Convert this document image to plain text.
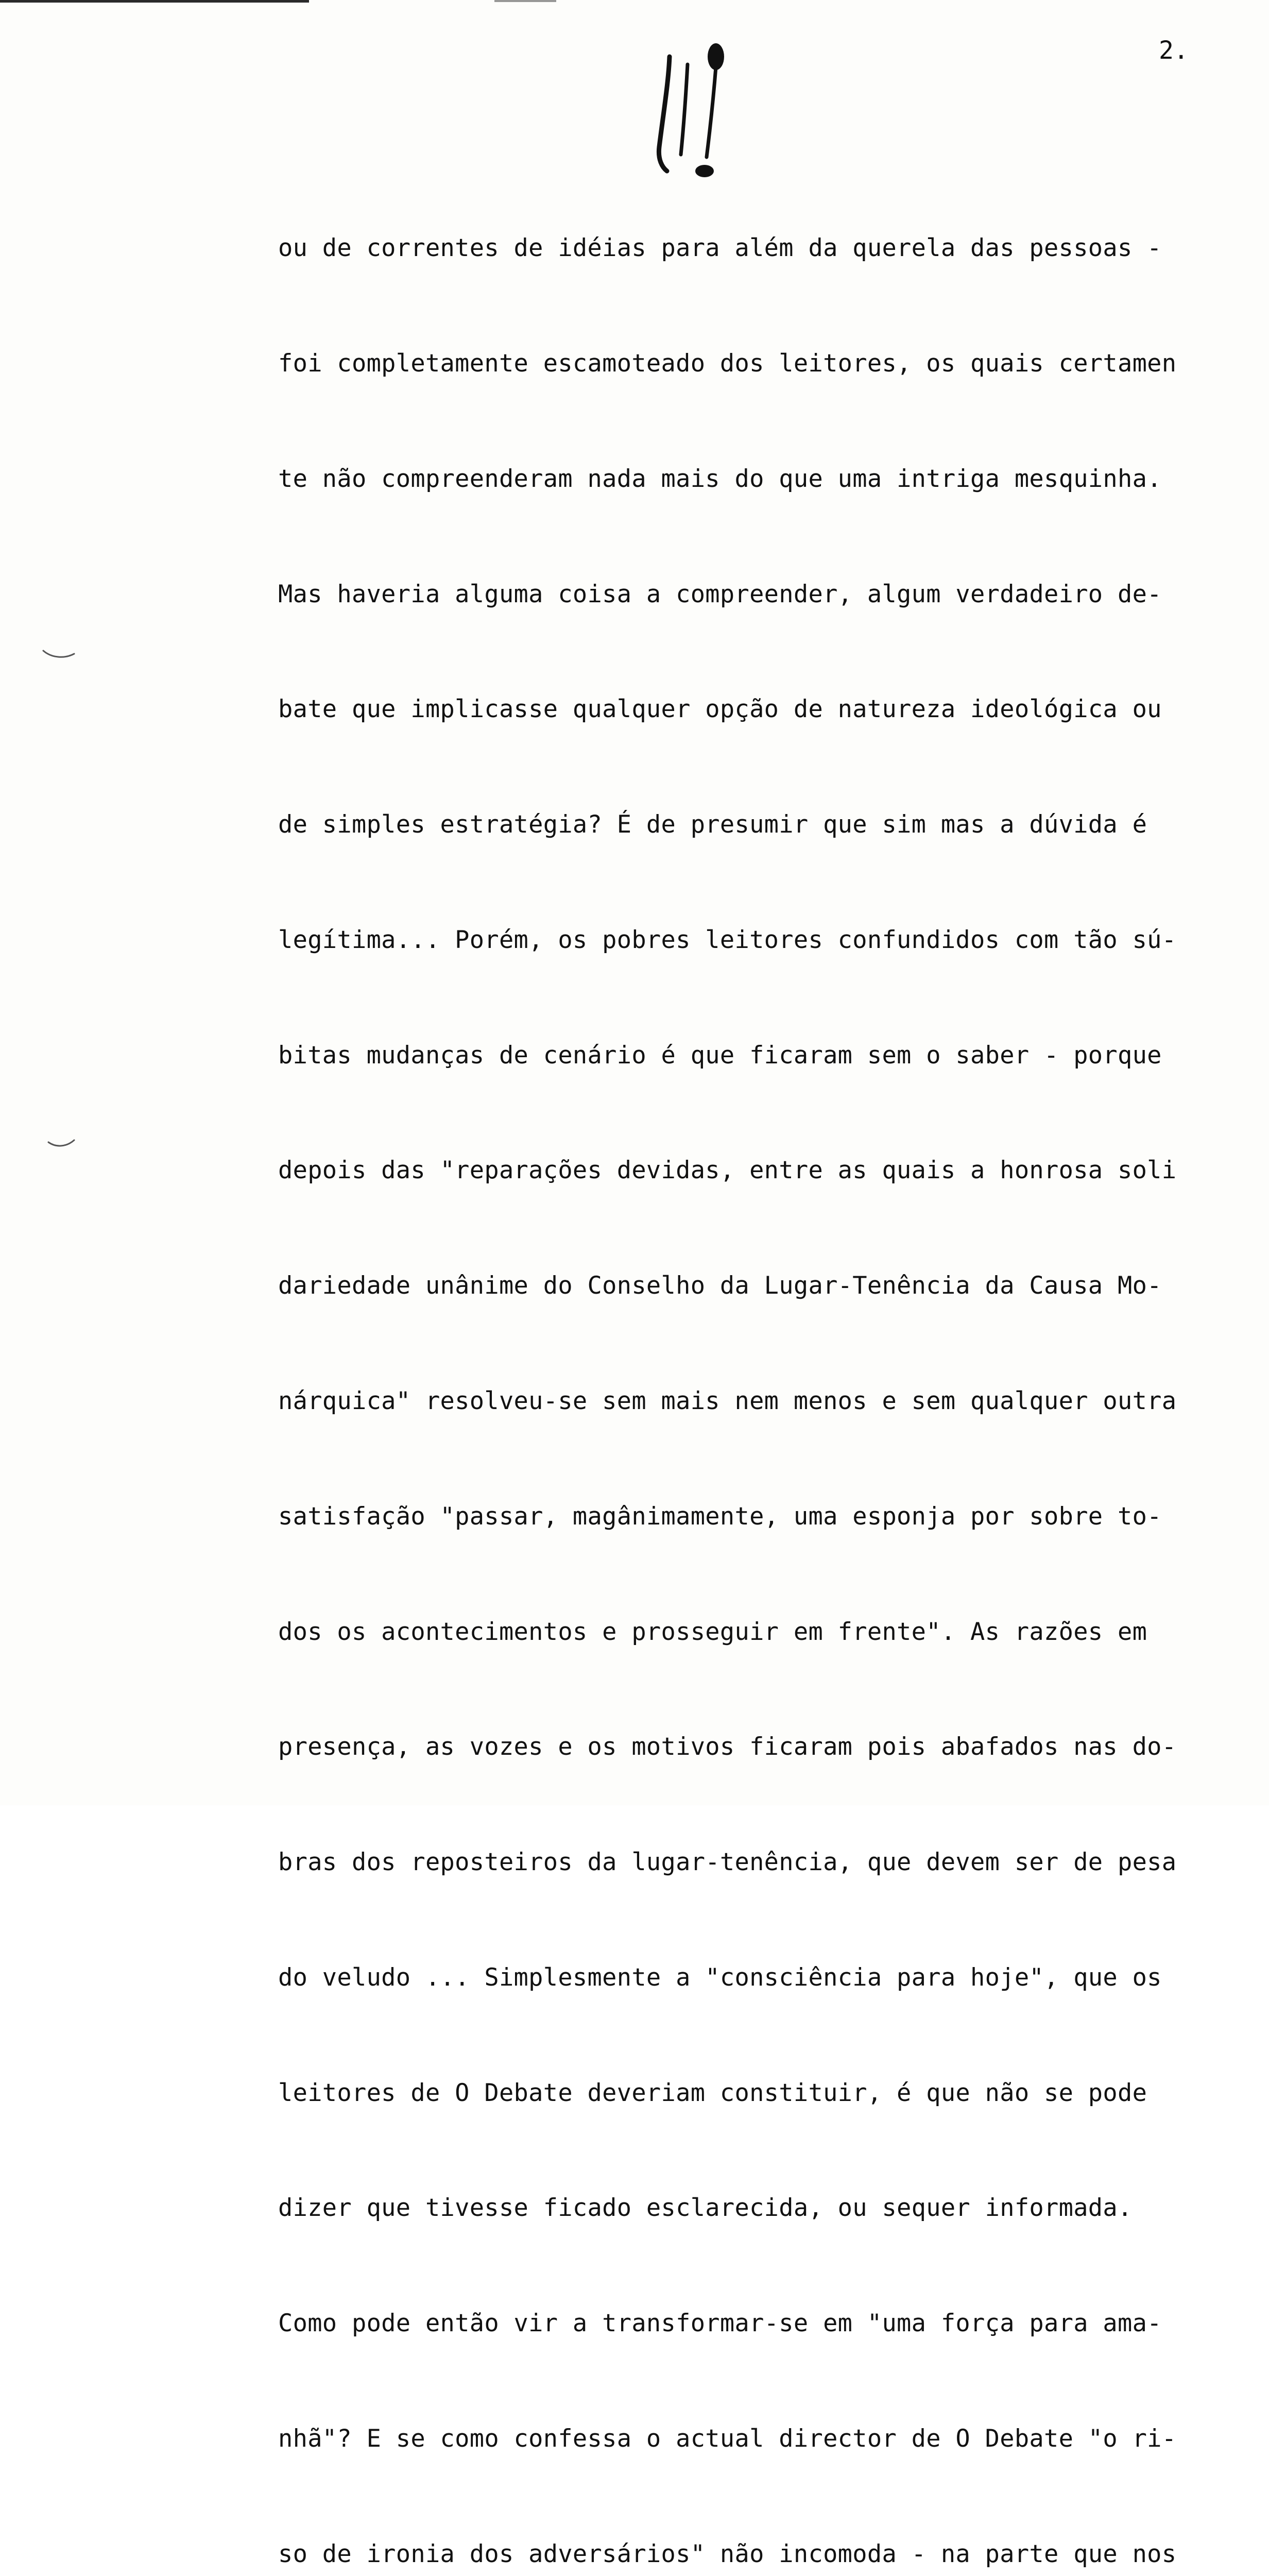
2.

ou de correntes de idéias para além da querela das pessoas -

foi completamente escamoteado dos leitores, os quais certamen

te não compreenderam nada mais do que uma intriga mesquinha.

Mas haveria alguma coisa a compreender, algum verdadeiro de-

bate que implicasse qualquer opção de natureza ideológica ou

de simples estratégia? É de presumir que sim mas a dúvida é

legítima... Porém, os pobres leitores confundidos com tão sú-

bitas mudanças de cenário é que ficaram sem o saber - porque

depois das "reparações devidas, entre as quais a honrosa soli

dariedade unânime do Conselho da Lugar-Tenência da Causa Mo-

nárquica" resolveu-se sem mais nem menos e sem qualquer outra

satisfação "passar, magânimamente, uma esponja por sobre to-

dos os acontecimentos e prosseguir em frente". As razões em

presença, as vozes e os motivos ficaram pois abafados nas do-

bras dos reposteiros da lugar-tenência, que devem ser de pesa

do veludo ... Simplesmente a "consciência para hoje", que os

leitores de O Debate deveriam constituir, é que não se pode

dizer que tivesse ficado esclarecida, ou sequer informada.

Como pode então vir a transformar-se em "uma força para ama-

nhã"? E se como confessa o actual director de O Debate "o ri-

so de ironia dos adversários" não incomoda - na parte que nos
